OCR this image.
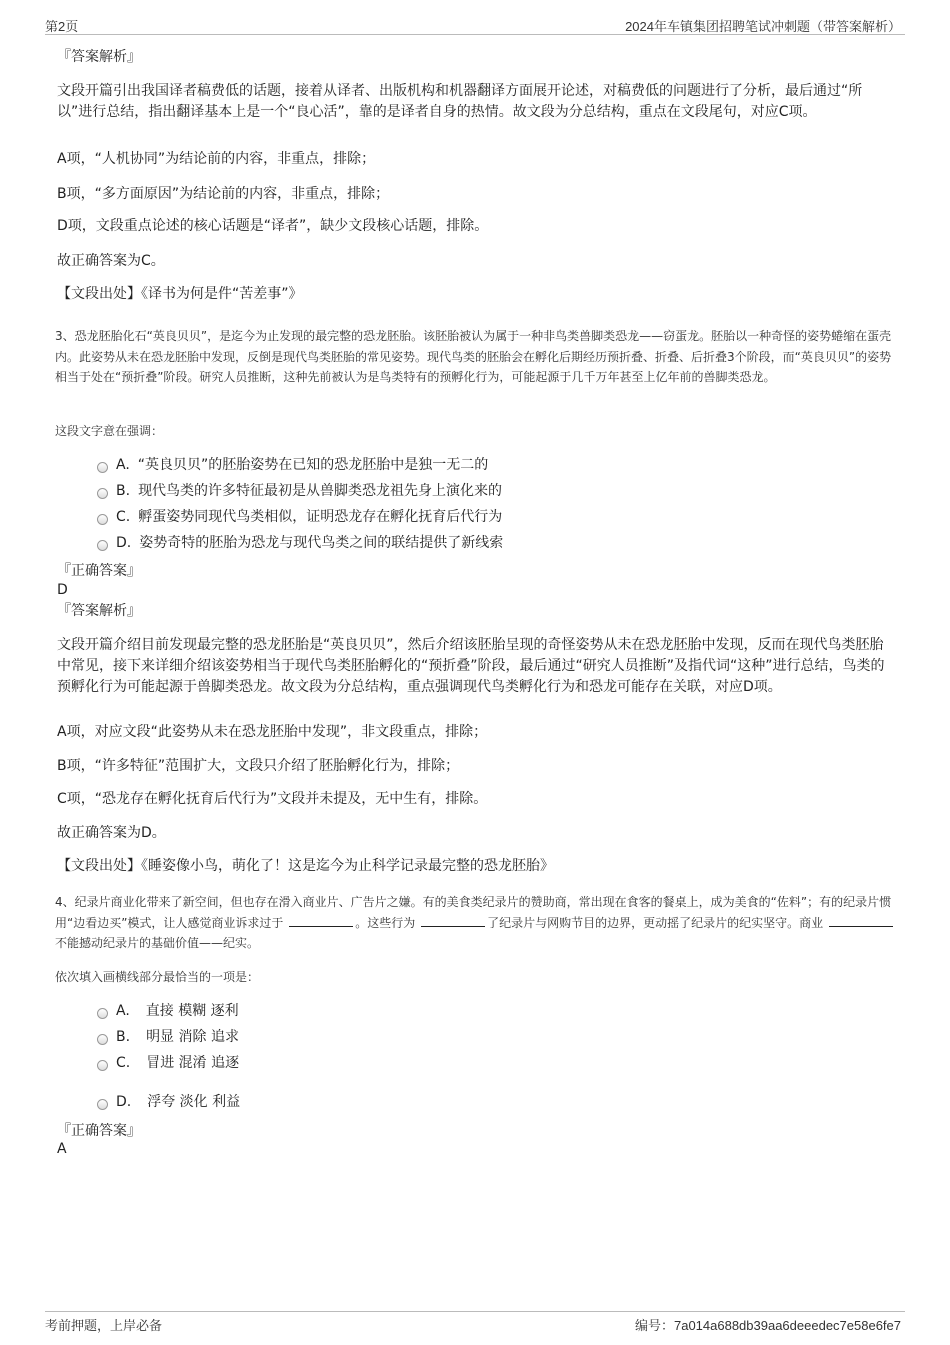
第2页	2024年车镇集团招聘笔试冲刺题（带答案解析）
『答案解析』
文段开篇引出我国译者稿费低的话题，接着从译者、出版机构和机器翻译方面展开论述，对稿费低的问题进行了分析，最后通过“所以”进行总结，指出翻译基本上是一个“良心活”，靠的是译者自身的热情。故文段为分总结构，重点在文段尾句，对应C项。
A项，“人机协同”为结论前的内容，非重点，排除；
B项，“多方面原因”为结论前的内容，非重点，排除；
D项，文段重点论述的核心话题是“译者”，缺少文段核心话题，排除。
故正确答案为C。
【文段出处】《译书为何是件“苦差事”》
3、恐龙胚胎化石“英良贝贝”，是迄今为止发现的最完整的恐龙胚胎。该胚胎被认为属于一种非鸟类兽脚类恐龙——窃蛋龙。胚胎以一种奇怪的姿势蜷缩在蛋壳内。此姿势从未在恐龙胚胎中发现，反倒是现代鸟类胚胎的常见姿势。现代鸟类的胚胎会在孵化后期经历预折叠、折叠、后折叠3个阶段，而“英良贝贝”的姿势相当于处在“预折叠”阶段。研究人员推断，这种先前被认为是鸟类特有的预孵化行为，可能起源于几千万年甚至上亿年前的兽脚类恐龙。
这段文字意在强调：
A. “英良贝贝”的胚胎姿势在已知的恐龙胚胎中是独一无二的
B. 现代鸟类的许多特征最初是从兽脚类恐龙祖先身上演化来的
C. 孵蛋姿势同现代鸟类相似，证明恐龙存在孵化抚育后代行为
D. 姿势奇特的胚胎为恐龙与现代鸟类之间的联结提供了新线索
『正确答案』
D
『答案解析』
文段开篇介绍目前发现最完整的恐龙胚胎是“英良贝贝”，然后介绍该胚胎呈现的奇怪姿势从未在恐龙胚胎中发现，反而在现代鸟类胚胎中常见，接下来详细介绍该姿势相当于现代鸟类胚胎孵化的“预折叠”阶段，最后通过“研究人员推断”及指代词“这种”进行总结，鸟类的预孵化行为可能起源于兽脚类恐龙。故文段为分总结构，重点强调现代鸟类孵化行为和恐龙可能存在关联，对应D项。
A项，对应文段“此姿势从未在恐龙胚胎中发现”，非文段重点，排除；
B项，“许多特征”范围扩大，文段只介绍了胚胎孵化行为，排除；
C项，“恐龙存在孵化抚育后代行为”文段并未提及，无中生有，排除。
故正确答案为D。
【文段出处】《睡姿像小鸟，萌化了！这是迄今为止科学记录最完整的恐龙胚胎》
4、纪录片商业化带来了新空间，但也存在滑入商业片、广告片之嫌。有的美食类纪录片的赞助商，常出现在食客的餐桌上，成为美食的“佐料”；有的纪录片惯用“边看边买”模式，让人感觉商业诉求过于	。这些行为	了纪录片与网购节目的边界，更动摇了纪录片的纪实坚守。商业 不能撼动纪录片的基础价值——纪实。
依次填入画横线部分最恰当的一项是：
A. 直接 模糊 逐利
B. 明显 消除 追求
C. 冒进 混淆 追逐
D. 浮夸 淡化 利益
『正确答案』
A
考前押题，上岸必备	编号：7a014a688db39aa6deeedec7e58e6fe7
